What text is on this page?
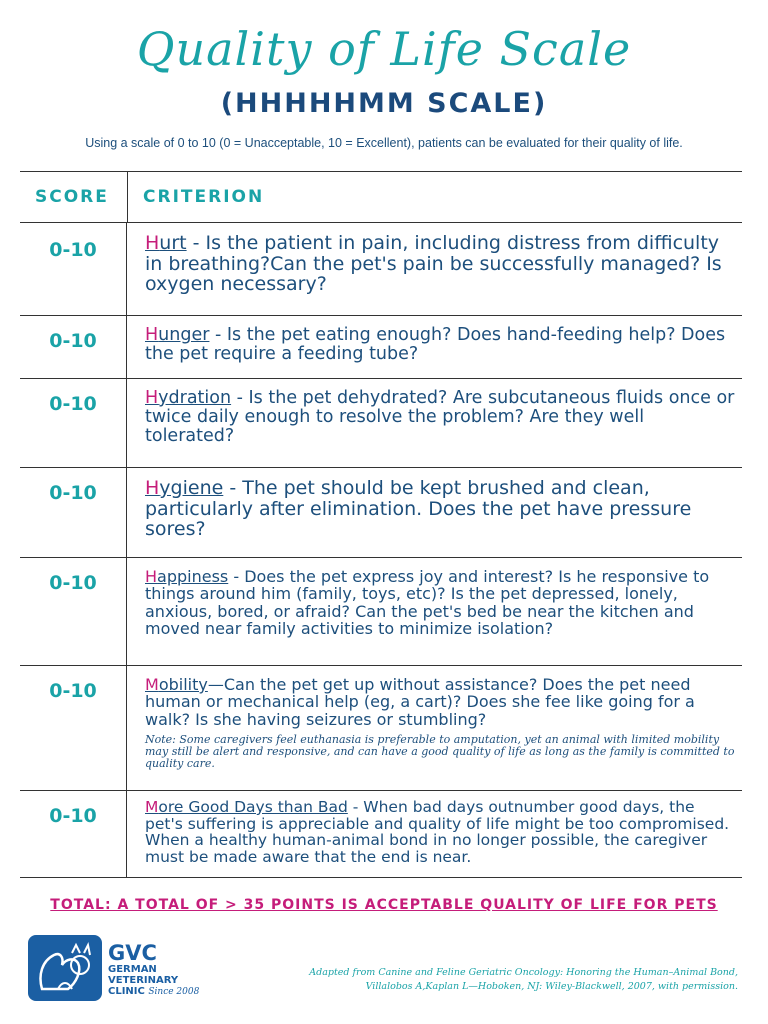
Quality of Life Scale
(HHHHHMM SCALE)
Using a scale of 0 to 10 (0 = Unacceptable, 10 = Excellent), patients can be evaluated for their quality of life.
SCORE	CRITERION
0-10	Hurt - Is the patient in pain, including distress from difficulty in breathing?Can the pet's pain be successfully managed? Is oxygen necessary?
0-10	Hunger - Is the pet eating enough? Does hand-feeding help? Does the pet require a feeding tube?
0-10	Hydration - Is the pet dehydrated? Are subcutaneous fluids once or twice daily enough to resolve the problem? Are they well tolerated?
0-10	Hygiene - The pet should be kept brushed and clean, particularly after elimination. Does the pet have pressure sores?
0-10	Happiness - Does the pet express joy and interest? Is he responsive to things around him (family, toys, etc)? Is the pet depressed, lonely, anxious, bored, or afraid? Can the pet's bed be near the kitchen and moved near family activities to minimize isolation?
0-10	Mobility—Can the pet get up without assistance? Does the pet need human or mechanical help (eg, a cart)? Does she fee like going for a walk? Is she having seizures or stumbling?
Note: Some caregivers feel euthanasia is preferable to amputation, yet an animal with limited mobility may still be alert and responsive, and can have a good quality of life as long as the family is committed to quality care.
0-10	More Good Days than Bad - When bad days outnumber good days, the pet's suffering is appreciable and quality of life might be too compromised. When a healthy human-animal bond in no longer possible, the caregiver must be made aware that the end is near.
TOTAL: A TOTAL OF > 35 POINTS IS ACCEPTABLE QUALITY OF LIFE FOR PETS
GVC
GERMAN
VETERINARY
CLINIC Since 2008
Adapted from Canine and Feline Geriatric Oncology: Honoring the Human–Animal Bond,
Villalobos A,Kaplan L—Hoboken, NJ: Wiley-Blackwell, 2007, with permission.
